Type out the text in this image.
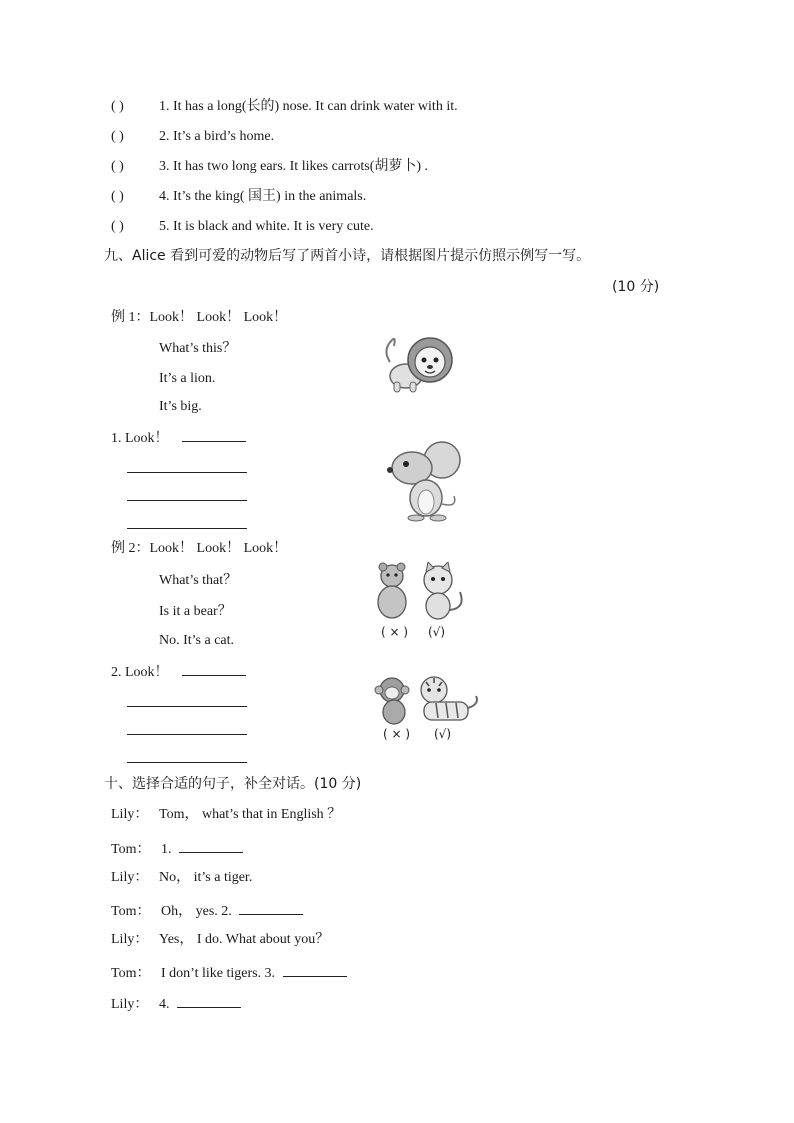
( )	1. It has a long(长的) nose. It can drink water with it.
( )	2. It’s a bird’s home.
( )	3. It has two long ears. It likes carrots(胡萝卜) .
( )	4. It’s the king( 国王) in the animals.
( )	5. It is black and white. It is very cute.
九、Alice 看到可爱的动物后写了两首小诗，请根据图片提示仿照示例写一写。
(10 分)
例 1：Look！ Look！ Look！
What’s this？
It’s a lion.
It’s big.
1. Look！
例 2：Look！ Look！ Look！
What’s that？
Is it a bear？
No. It’s a cat.
( × ) (√)
2. Look！
( × ) (√)
十、选择合适的句子，补全对话。(10 分)
Lily： Tom， what’s that in English ？
Tom： 1.
Lily： No， it’s a tiger.
Tom： Oh， yes. 2.
Lily： Yes， I do. What about you？
Tom： I don’t like tigers. 3.
Lily： 4.
